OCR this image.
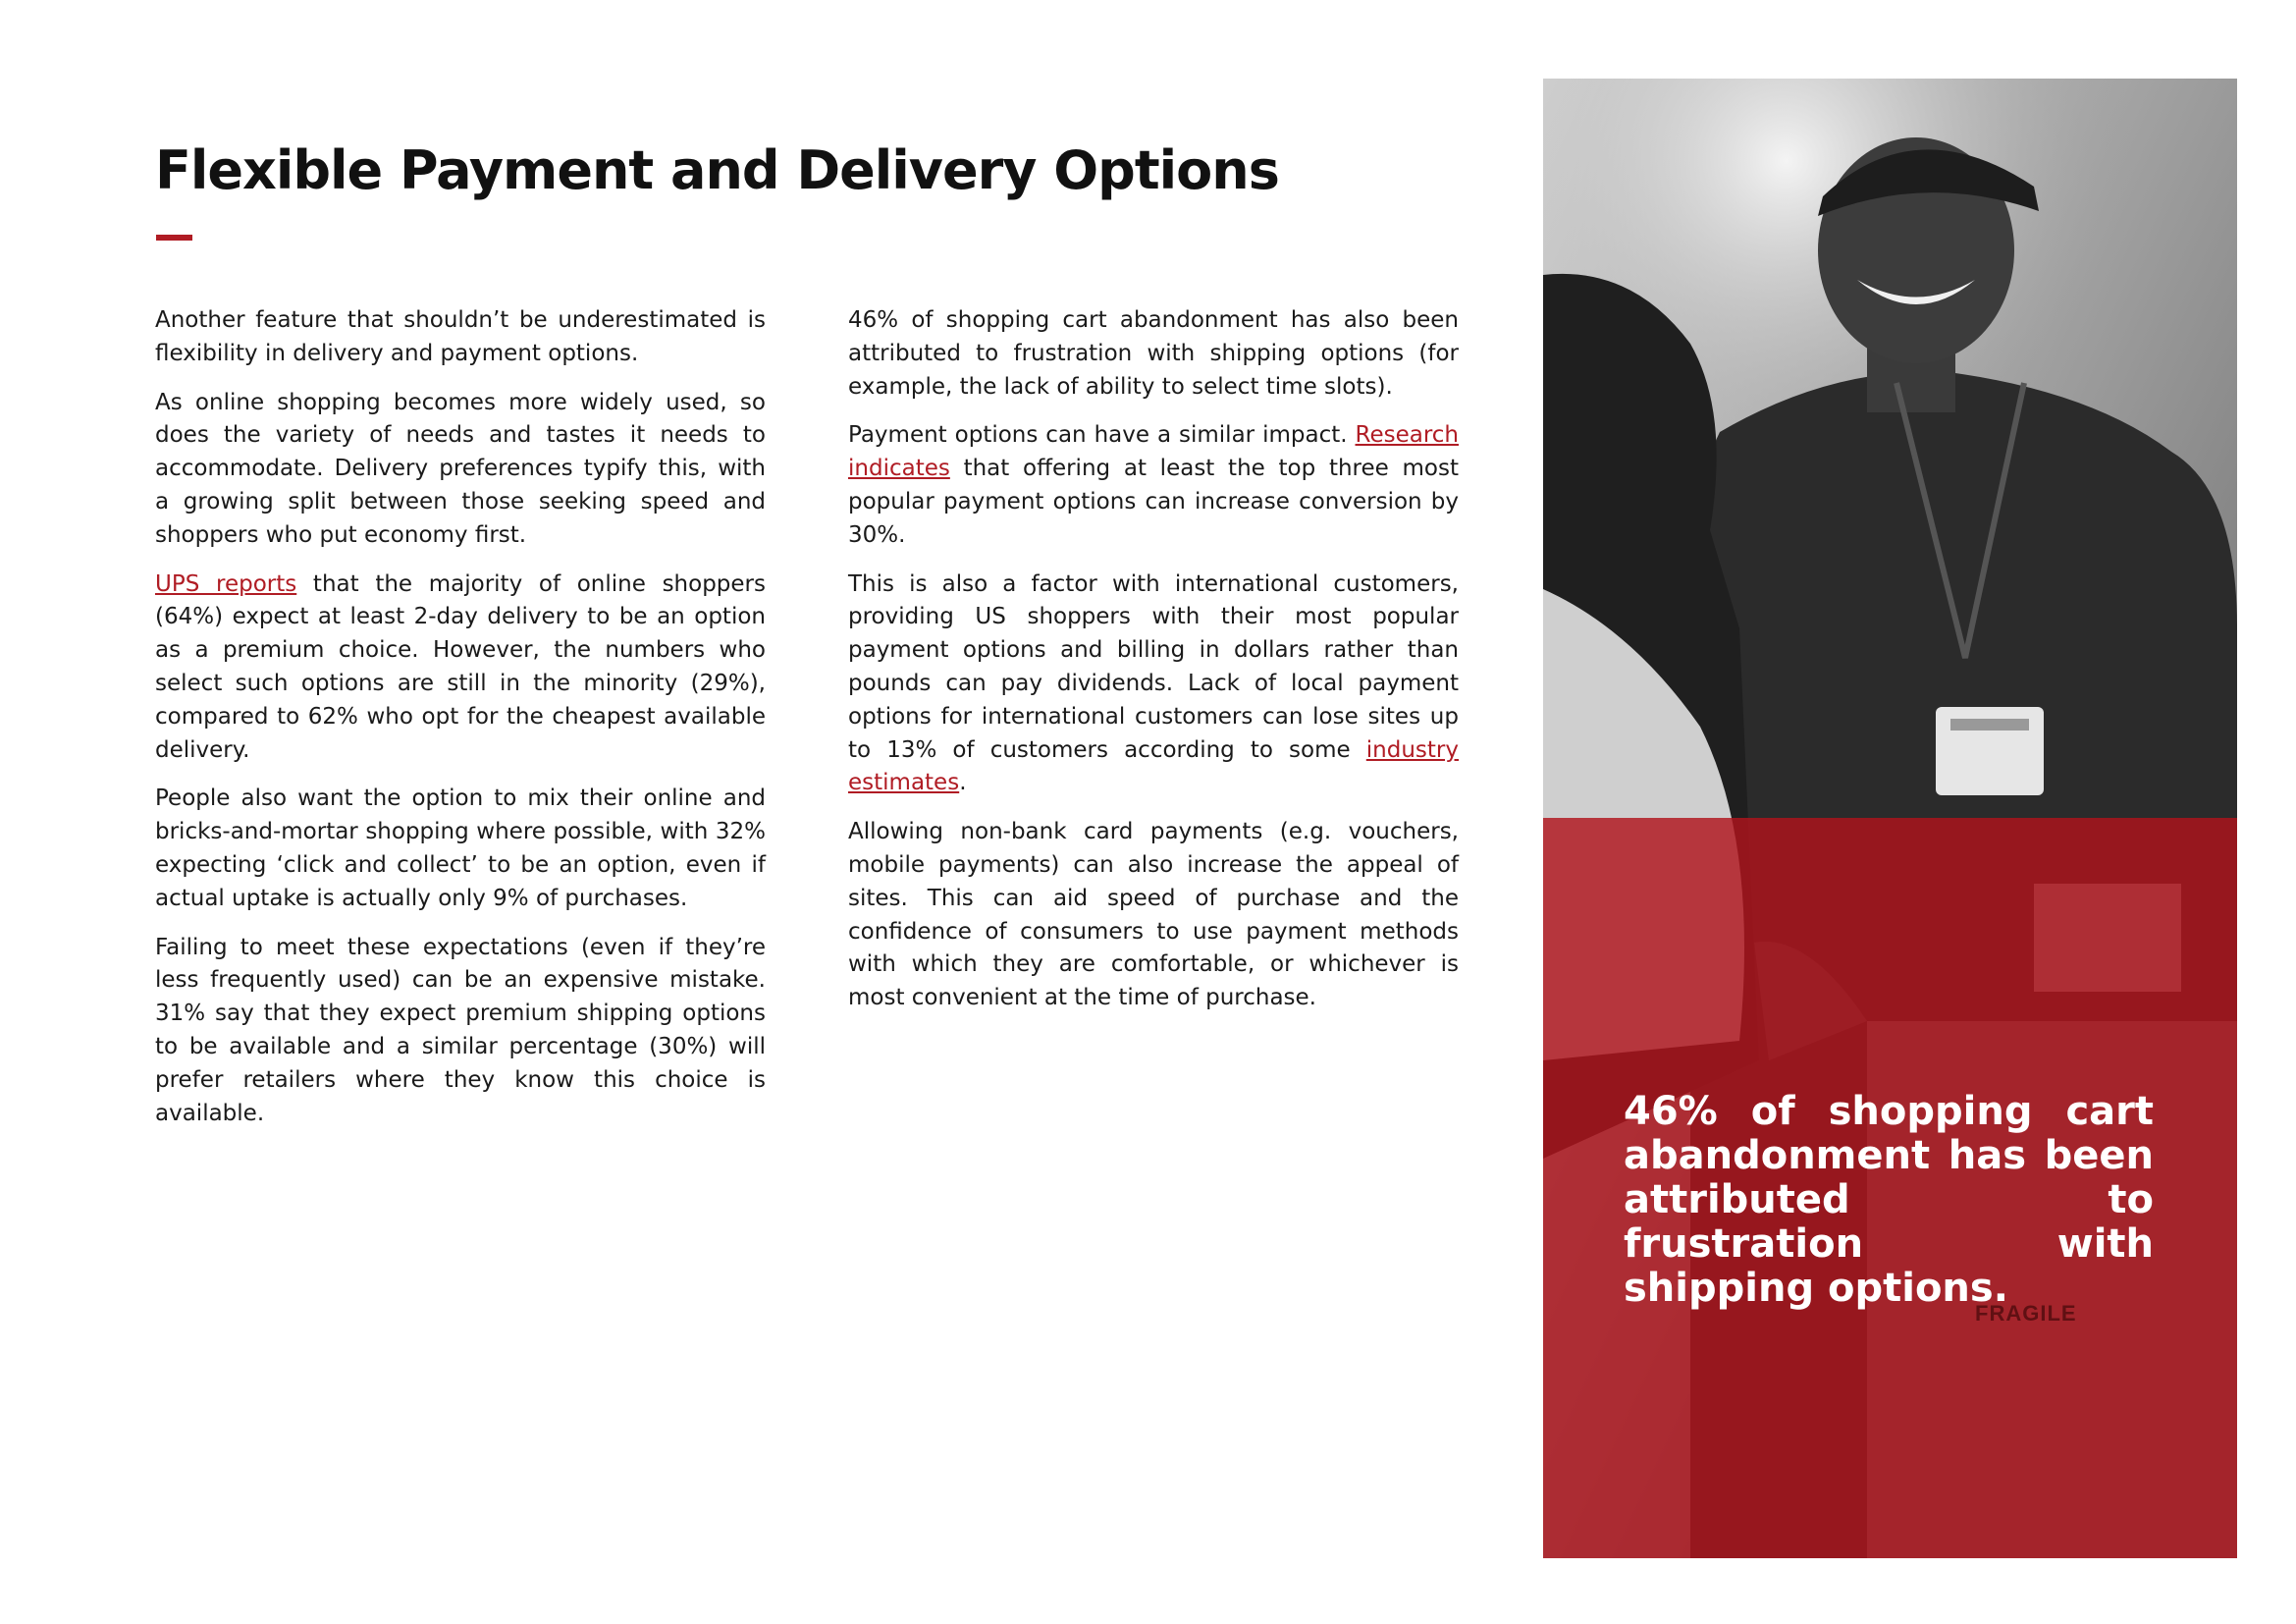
Flexible Payment and Delivery Options

Another feature that shouldn’t be underestimated is flexibility in delivery and payment options.

As online shopping becomes more widely used, so does the variety of needs and tastes it needs to accommodate. Delivery preferences typify this, with a growing split between those seeking speed and shoppers who put economy first.

UPS reports that the majority of online shoppers (64%) expect at least 2-day delivery to be an option as a premium choice. However, the numbers who select such options are still in the minority (29%), compared to 62% who opt for the cheapest available delivery.

People also want the option to mix their online and bricks-and-mortar shopping where possible, with 32% expecting ‘click and collect’ to be an option, even if actual uptake is actually only 9% of purchases.

Failing to meet these expectations (even if they’re less frequently used) can be an expensive mistake. 31% say that they expect premium shipping options to be available and a similar percentage (30%) will prefer retailers where they know this choice is available.

46% of shopping cart abandonment has also been attributed to frustration with shipping options (for example, the lack of ability to select time slots).

Payment options can have a similar impact. Research indicates that offering at least the top three most popular payment options can increase conversion by 30%.

This is also a factor with international customers, providing US shoppers with their most popular payment options and billing in dollars rather than pounds can pay dividends. Lack of local payment options for international customers can lose sites up to 13% of customers according to some industry estimates.

Allowing non-bank card payments (e.g. vouchers, mobile payments) can also increase the appeal of sites. This can aid speed of purchase and the confidence of consumers to use payment methods with which they are comfortable, or whichever is most convenient at the time of purchase.

FRAGILE
46% of shopping cart abandonment has been attributed to frustration with shipping options.
